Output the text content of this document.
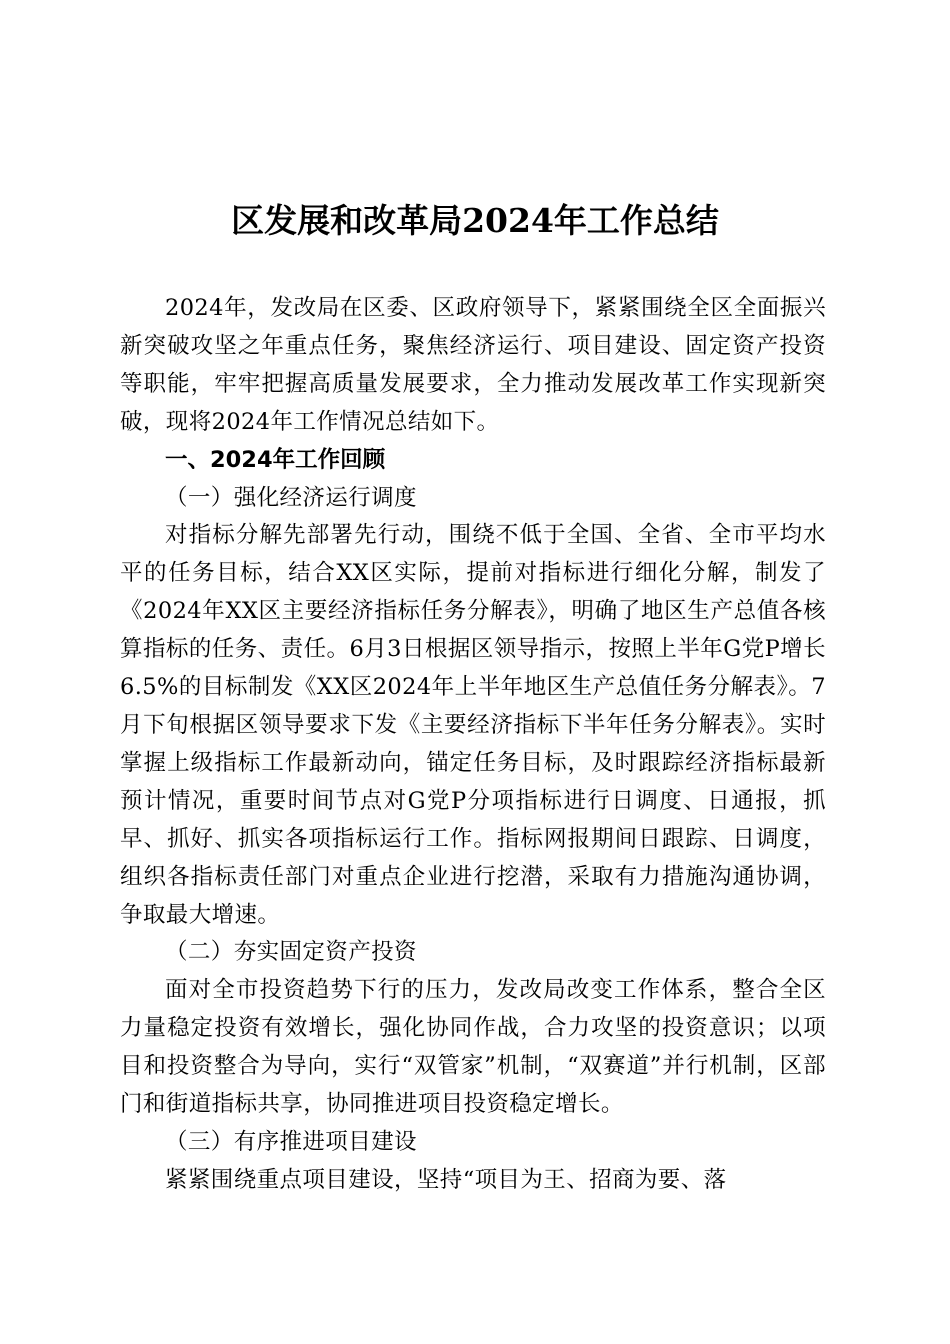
区发展和改革局2024年工作总结

2024年，发改局在区委、区政府领导下，紧紧围绕全区全面振兴新突破攻坚之年重点任务，聚焦经济运行、项目建设、固定资产投资等职能，牢牢把握高质量发展要求，全力推动发展改革工作实现新突破，现将2024年工作情况总结如下。

一、2024年工作回顾

（一）强化经济运行调度

对指标分解先部署先行动，围绕不低于全国、全省、全市平均水平的任务目标，结合XX区实际，提前对指标进行细化分解，制发了《2024年XX区主要经济指标任务分解表》，明确了地区生产总值各核算指标的任务、责任。6月3日根据区领导指示，按照上半年G党P增长6.5%的目标制发《XX区2024年上半年地区生产总值任务分解表》。7月下旬根据区领导要求下发《主要经济指标下半年任务分解表》。实时掌握上级指标工作最新动向，锚定任务目标，及时跟踪经济指标最新预计情况，重要时间节点对G党P分项指标进行日调度、日通报，抓早、抓好、抓实各项指标运行工作。指标网报期间日跟踪、日调度，组织各指标责任部门对重点企业进行挖潜，采取有力措施沟通协调，争取最大增速。

（二）夯实固定资产投资

面对全市投资趋势下行的压力，发改局改变工作体系，整合全区力量稳定投资有效增长，强化协同作战，合力攻坚的投资意识；以项目和投资整合为导向，实行“双管家”机制，“双赛道”并行机制，区部门和街道指标共享，协同推进项目投资稳定增长。

（三）有序推进项目建设

紧紧围绕重点项目建设，坚持“项目为王、招商为要、落
